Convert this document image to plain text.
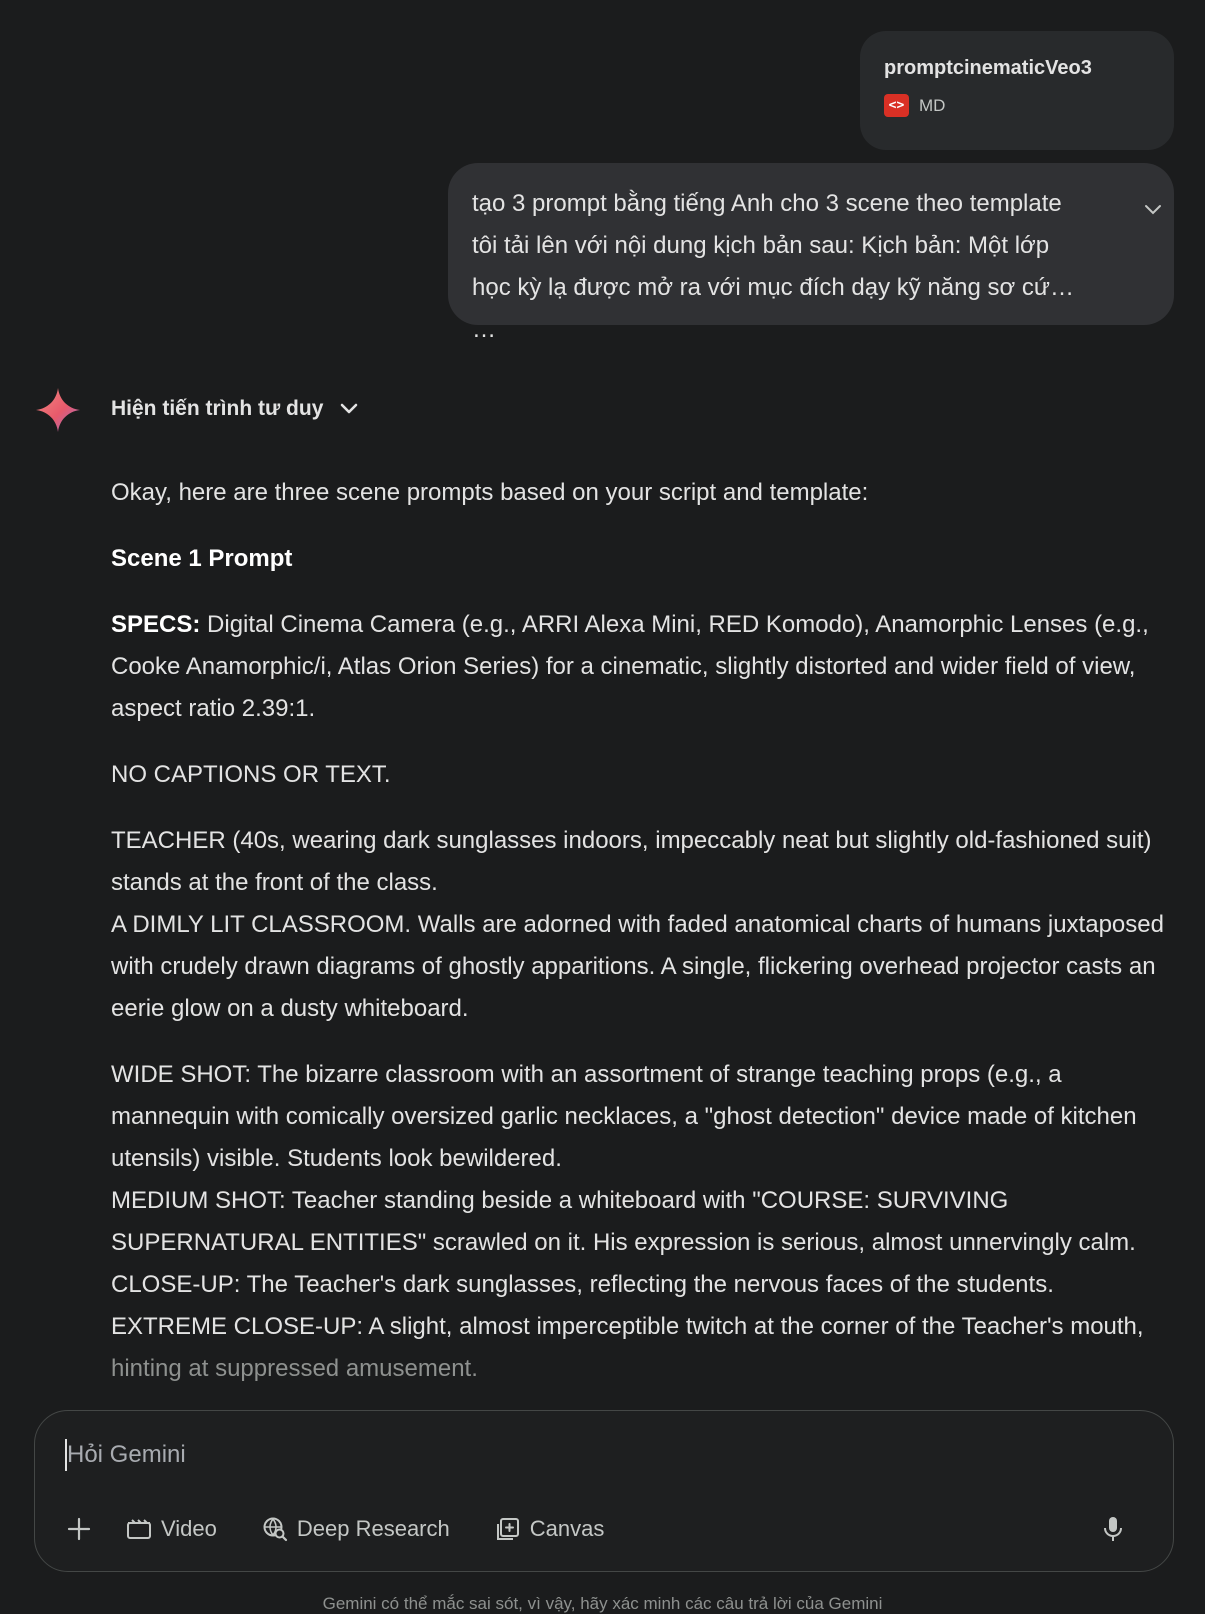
promptcinematicVeo3
<> MD
tạo 3 prompt bằng tiếng Anh cho 3 scene theo template tôi tải lên với nội dung kịch bản sau: Kịch bản: Một lớp học kỳ lạ được mở ra với mục đích dạy kỹ năng sơ cứu …
Hiện tiến trình tư duy

Okay, here are three scene prompts based on your script and template:

Scene 1 Prompt

SPECS: Digital Cinema Camera (e.g., ARRI Alexa Mini, RED Komodo), Anamorphic Lenses (e.g., Cooke Anamorphic/i, Atlas Orion Series) for a cinematic, slightly distorted and wider field of view, aspect ratio 2.39:1.

NO CAPTIONS OR TEXT.

TEACHER (40s, wearing dark sunglasses indoors, impeccably neat but slightly old-fashioned suit) stands at the front of the class.

A DIMLY LIT CLASSROOM. Walls are adorned with faded anatomical charts of humans juxtaposed with crudely drawn diagrams of ghostly apparitions. A single, flickering overhead projector casts an eerie glow on a dusty whiteboard.

WIDE SHOT: The bizarre classroom with an assortment of strange teaching props (e.g., a mannequin with comically oversized garlic necklaces, a "ghost detection" device made of kitchen utensils) visible. Students look bewildered.

MEDIUM SHOT: Teacher standing beside a whiteboard with "COURSE: SURVIVING SUPERNATURAL ENTITIES" scrawled on it. His expression is serious, almost unnervingly calm.

CLOSE-UP: The Teacher's dark sunglasses, reflecting the nervous faces of the students.

EXTREME CLOSE-UP: A slight, almost imperceptible twitch at the corner of the Teacher's mouth,
hinting at suppressed amusement.

Hỏi Gemini
Video	Deep Research	Canvas
Gemini có thể mắc sai sót, vì vậy, hãy xác minh các câu trả lời của Gemini
